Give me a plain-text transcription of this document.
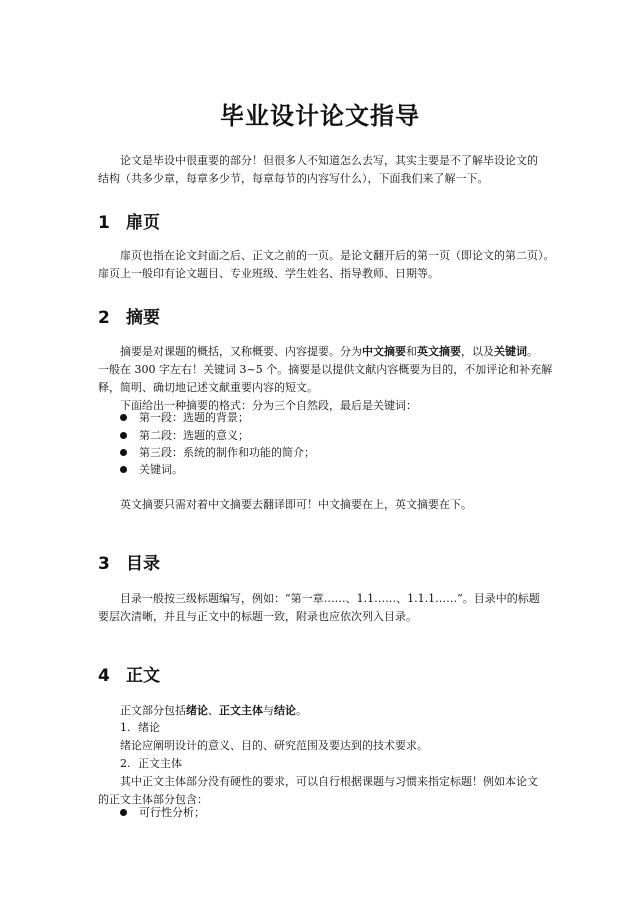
毕业设计论文指导
论文是毕设中很重要的部分！但很多人不知道怎么去写，其实主要是不了解毕设论文的
结构（共多少章，每章多少节，每章每节的内容写什么），下面我们来了解一下。
1 扉页
扉页也指在论文封面之后、正文之前的一页。是论文翻开后的第一页（即论文的第二页）。
扉页上一般印有论文题目、专业班级、学生姓名、指导教师、日期等。
2 摘要
摘要是对课题的概括，又称概要、内容提要。分为中文摘要和英文摘要，以及关键词。
一般在 300 字左右！关键词 3~5 个。摘要是以提供文献内容概要为目的，不加评论和补充解
释，简明、确切地记述文献重要内容的短文。
下面给出一种摘要的格式：分为三个自然段，最后是关键词：
第一段：选题的背景；
第二段：选题的意义；
第三段：系统的制作和功能的简介；
关键词。
英文摘要只需对着中文摘要去翻译即可！中文摘要在上，英文摘要在下。
3 目录
目录一般按三级标题编写，例如：“第一章……、1.1……、1.1.1……”。目录中的标题
要层次清晰，并且与正文中的标题一致，附录也应依次列入目录。
4 正文
正文部分包括绪论、正文主体与结论。
1. 绪论
绪论应阐明设计的意义、目的、研究范围及要达到的技术要求。
2. 正文主体
其中正文主体部分没有硬性的要求，可以自行根据课题与习惯来指定标题！例如本论文
的正文主体部分包含：
可行性分析；
